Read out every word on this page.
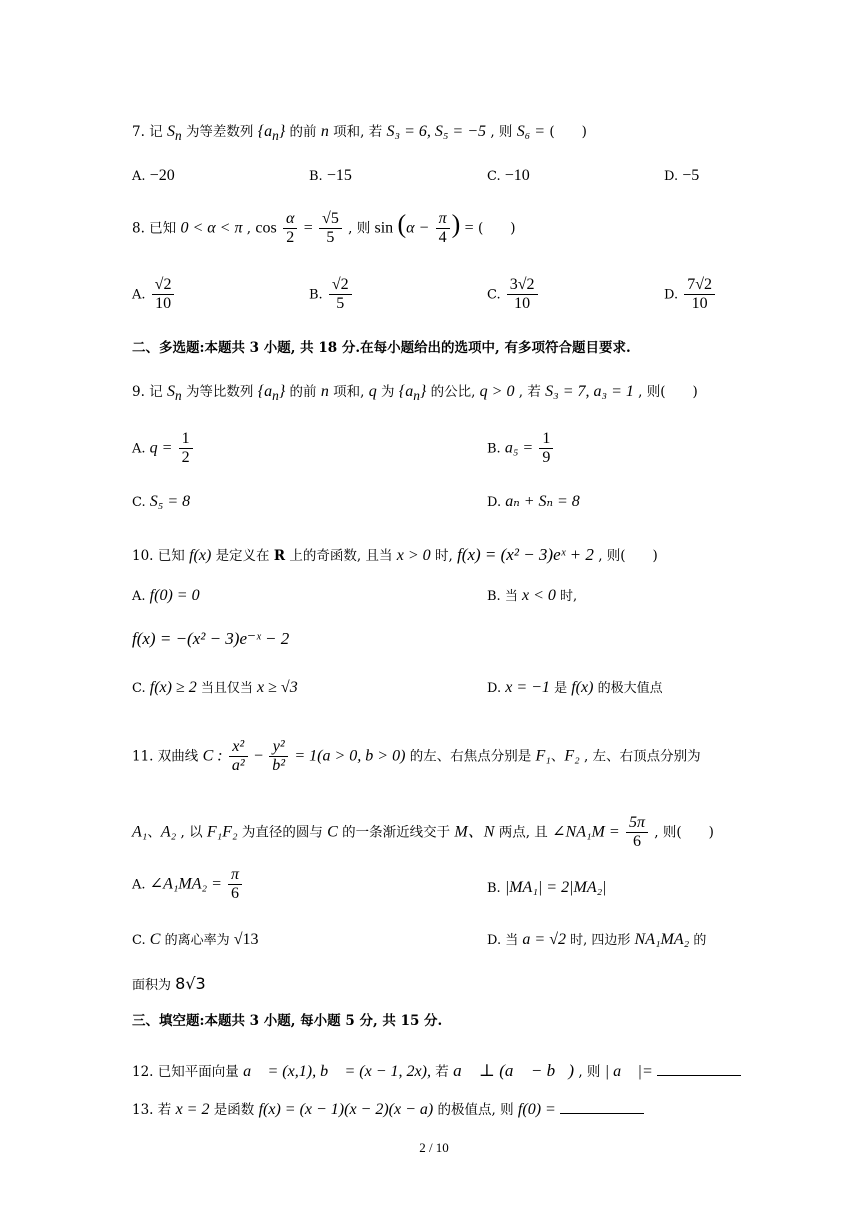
7. 记 $S_n$ 为等差数列 $\{a_n\}$ 的前 n 项和, 若 S₃ = 6, S₅ = −5 , 则 S₆ = (　　)
A. −20	B. −15	C. −10	D. −5
8. 已知 0 < α < π , $\cos \frac{\alpha}{2} = \frac{√5}{5}$ , 则 $\sin (\alpha - \frac{\pi}{4}$ ) = (　　)
A. $\frac{√2}{10}$	B. $\frac{√2}{5}$	C. $\frac{3√2}{10}$	D. $\frac{7√2}{10}$
二、多选题:本题共 3 小题, 共 18 分.在每小题给出的选项中, 有多项符合题目要求.
9. 记 $S_n$ 为等比数列 $\{a_n\}$ 的前 n 项和, q 为 $\{a_n\}$ 的公比, q > 0 , 若 S₃ = 7, a₃ = 1 , 则(　　)
A. $q = \frac{1}{2}$	B. $a_5 = \frac{1}{9}$
C. S₅ = 8	D. aₙ + Sₙ = 8
10. 已知 f(x) 是定义在 R 上的奇函数, 且当 x > 0 时, f(x) = (x² − 3)eˣ + 2 , 则(　　)
A. f(0) = 0	B. 当 x < 0 时,
f(x) = −(x² − 3)e⁻ˣ − 2
C. f(x) ≥ 2 当且仅当 x ≥ √3	D. x = −1 是 f(x) 的极大值点
11. 双曲线 C : $\frac{\text{x²}}{\text{a²}} - \frac{\text{y²}}{\text{b²}} = 1(a > 0$, b > 0) 的左、右焦点分别是 F₁、F₂ , 左、右顶点分别为
A₁、A₂ , 以 F₁F₂ 为直径的圆与 C 的一条渐近线交于 M、N 两点, 且 ∠NA₁M = $\frac{5\pi}{6}$ , 则(　　)
A. ∠A₁MA₂ = $\frac{\pi}{6}$	B. |MA₁| = 2|MA₂|
C. C 的离心率为 √13	D. 当 a = √2 时, 四边形 NA₁MA₂ 的
面积为 8√3
三、填空题:本题共 3 小题, 每小题 5 分, 共 15 分.
12. 已知平面向量 a⃗ = (x,1), b⃗ = (x − 1, 2x), 若 a⃗ ⊥ (a⃗ − b⃗) , 则 | a⃗ |=
13. 若 x = 2 是函数 f(x) = (x − 1)(x − 2)(x − a) 的极值点, 则 f(0) =
2 / 10
